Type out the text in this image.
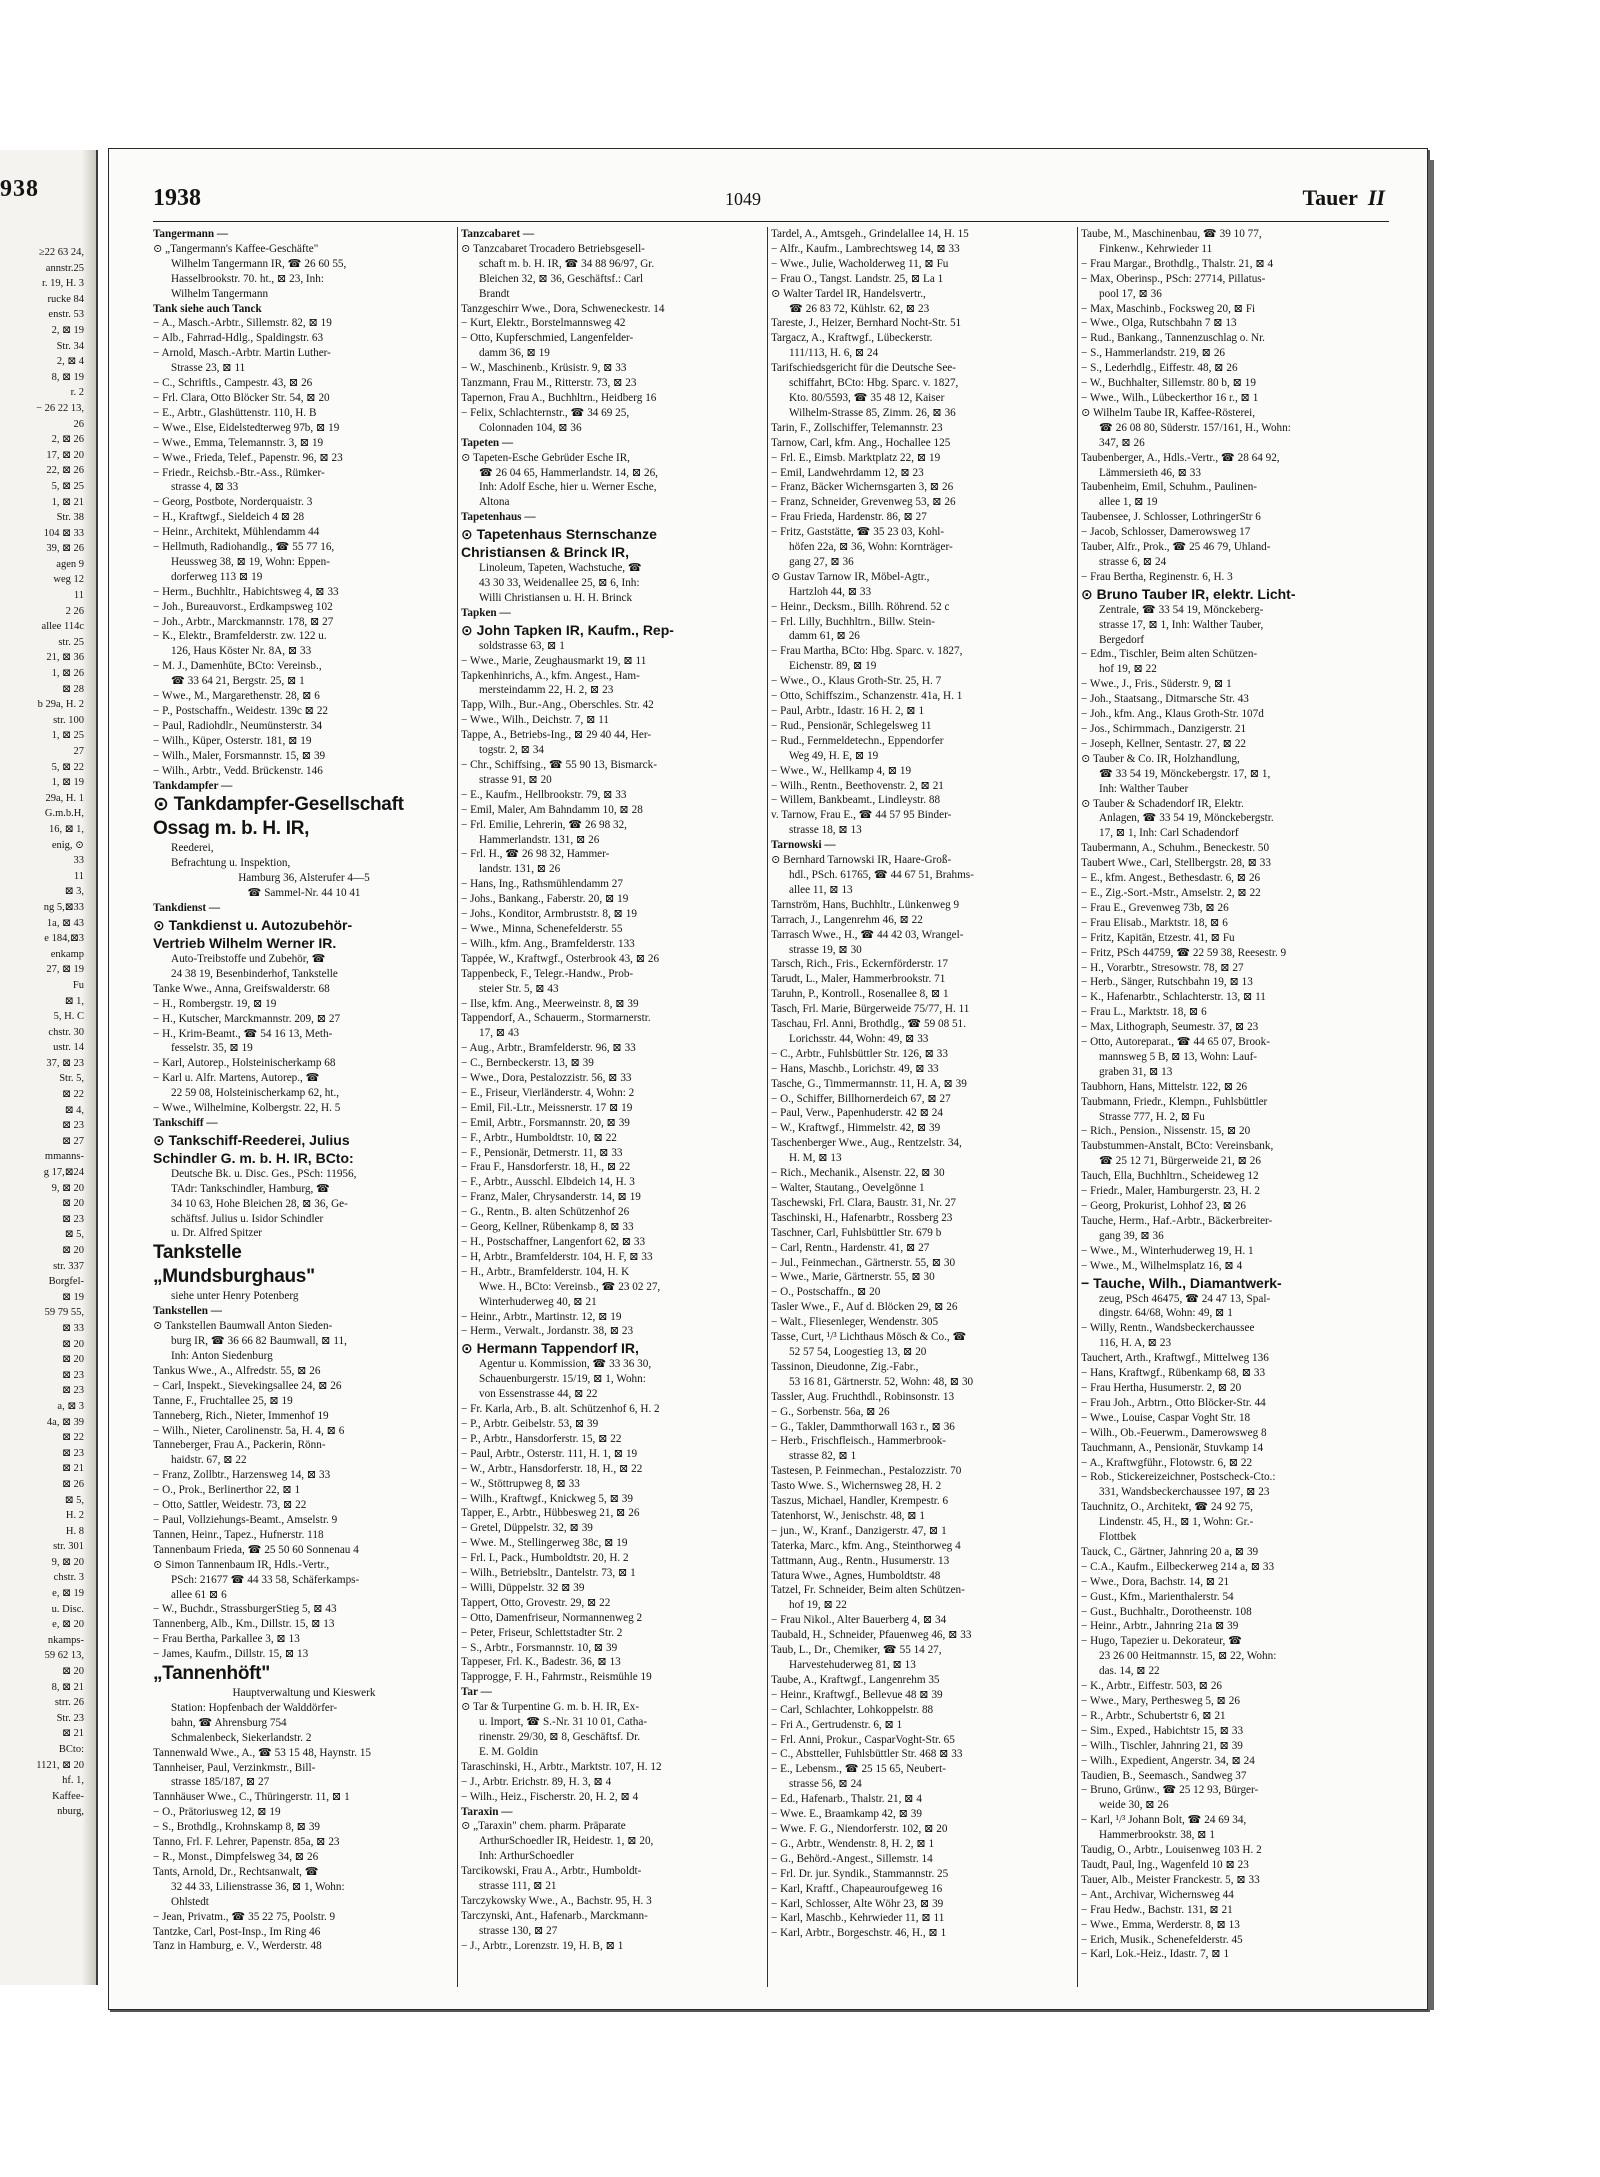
938
≥22 63 24,
annstr.25
r. 19, H. 3
rucke 84
enstr. 53
2, ⊠ 19
Str. 34
2, ⊠ 4
8, ⊠ 19
r. 2
− 26 22 13,
26
2, ⊠ 26
17, ⊠ 20
22, ⊠ 26
5, ⊠ 25
1, ⊠ 21
Str. 38
104 ⊠ 33
39, ⊠ 26
agen 9
weg 12
11
2 26
allee 114c
str. 25
21, ⊠ 36
1, ⊠ 26
⊠ 28
b 29a, H. 2
str. 100
1, ⊠ 25
27
5, ⊠ 22
1, ⊠ 19
29a, H. 1
G.m.b.H,
16, ⊠ 1,
enig, ⊙
33
11
⊠ 3,
ng 5,⊠33
1a, ⊠ 43
e 184,⊠3
enkamp
27, ⊠ 19
Fu
⊠ 1,
5, H. C
chstr. 30
ustr. 14
37, ⊠ 23
Str. 5,
⊠ 22
⊠ 4,
⊠ 23
⊠ 27
mmanns-
g 17,⊠24
9, ⊠ 20
⊠ 20
⊠ 23
⊠ 5,
⊠ 20
str. 337
Borgfel-
⊠ 19
59 79 55,
⊠ 33
⊠ 20
⊠ 20
⊠ 23
⊠ 23
a, ⊠ 3
4a, ⊠ 39
⊠ 22
⊠ 23
⊠ 21
⊠ 26
⊠ 5,
H. 2
H. 8
str. 301
9, ⊠ 20
chstr. 3
e, ⊠ 19
u. Disc.
e, ⊠ 20
nkamps-
59 62 13,
⊠ 20
8, ⊠ 21
strr. 26
Str. 23
⊠ 21
BCto:
1121, ⊠ 20
hf. 1,
Kaffee-
nburg,
1938	1049	Tauer II
Tangermann —
⊙ „Tangermann's Kaffee-Geschäfte"
Wilhelm Tangermann IR, ☎ 26 60 55,
Hasselbrookstr. 70. ht., ⊠ 23, Inh:
Wilhelm Tangermann
Tank siehe auch Tanck
− A., Masch.-Arbtr., Sillemstr. 82, ⊠ 19
− Alb., Fahrrad-Hdlg., Spaldingstr. 63
− Arnold, Masch.-Arbtr. Martin Luther-
Strasse 23, ⊠ 11
− C., Schriftls., Campestr. 43, ⊠ 26
− Frl. Clara, Otto Blöcker Str. 54, ⊠ 20
− E., Arbtr., Glashüttenstr. 110, H. B
− Wwe., Else, Eidelstedterweg 97b, ⊠ 19
− Wwe., Emma, Telemannstr. 3, ⊠ 19
− Wwe., Frieda, Telef., Papenstr. 96, ⊠ 23
− Friedr., Reichsb.-Btr.-Ass., Rümker-
strasse 4, ⊠ 33
− Georg, Postbote, Norderquaistr. 3
− H., Kraftwgf., Sieldeich 4 ⊠ 28
− Heinr., Architekt, Mühlendamm 44
− Hellmuth, Radiohandlg., ☎ 55 77 16,
Heussweg 38, ⊠ 19, Wohn: Eppen-
dorferweg 113 ⊠ 19
− Herm., Buchhltr., Habichtsweg 4, ⊠ 33
− Joh., Bureauvorst., Erdkampsweg 102
− Joh., Arbtr., Marckmannstr. 178, ⊠ 27
− K., Elektr., Bramfelderstr. zw. 122 u.
126, Haus Köster Nr. 8A, ⊠ 33
− M. J., Damenhüte, BCto: Vereinsb.,
☎ 33 64 21, Bergstr. 25, ⊠ 1
− Wwe., M., Margarethenstr. 28, ⊠ 6
− P., Postschaffn., Weidestr. 139c ⊠ 22
− Paul, Radiohdlr., Neumünsterstr. 34
− Wilh., Küper, Osterstr. 181, ⊠ 19
− Wilh., Maler, Forsmannstr. 15, ⊠ 39
− Wilh., Arbtr., Vedd. Brückenstr. 146
Tankdampfer —
⊙ Tankdampfer-Gesellschaft
Ossag m. b. H. IR,
Reederei,
Befrachtung u. Inspektion,
Hamburg 36, Alsterufer 4—5
☎ Sammel-Nr. 44 10 41
Tankdienst —
⊙ Tankdienst u. Autozubehör-
Vertrieb Wilhelm Werner IR.
Auto-Treibstoffe und Zubehör, ☎
24 38 19, Besenbinderhof, Tankstelle
Tanke Wwe., Anna, Greifswalderstr. 68
− H., Rombergstr. 19, ⊠ 19
− H., Kutscher, Marckmannstr. 209, ⊠ 27
− H., Krim-Beamt., ☎ 54 16 13, Meth-
fesselstr. 35, ⊠ 19
− Karl, Autorep., Holsteinischerkamp 68
− Karl u. Alfr. Martens, Autorep., ☎
22 59 08, Holsteinischerkamp 62, ht.,
− Wwe., Wilhelmine, Kolbergstr. 22, H. 5
Tankschiff —
⊙ Tankschiff-Reederei, Julius
Schindler G. m. b. H. IR, BCto:
Deutsche Bk. u. Disc. Ges., PSch: 11956,
TAdr: Tankschindler, Hamburg, ☎
34 10 63, Hohe Bleichen 28, ⊠ 36, Ge-
schäftsf. Julius u. Isidor Schindler
u. Dr. Alfred Spitzer
Tankstelle
„Mundsburghaus"
siehe unter Henry Potenberg
Tankstellen —
⊙ Tankstellen Baumwall Anton Sieden-
burg IR, ☎ 36 66 82 Baumwall, ⊠ 11,
Inh: Anton Siedenburg
Tankus Wwe., A., Alfredstr. 55, ⊠ 26
− Carl, Inspekt., Sievekingsallee 24, ⊠ 26
Tanne, F., Fruchtallee 25, ⊠ 19
Tanneberg, Rich., Nieter, Immenhof 19
− Wilh., Nieter, Carolinenstr. 5a, H. 4, ⊠ 6
Tanneberger, Frau A., Packerin, Rönn-
haidstr. 67, ⊠ 22
− Franz, Zollbtr., Harzensweg 14, ⊠ 33
− O., Prok., Berlinerthor 22, ⊠ 1
− Otto, Sattler, Weidestr. 73, ⊠ 22
− Paul, Vollziehungs-Beamt., Amselstr. 9
Tannen, Heinr., Tapez., Hufnerstr. 118
Tannenbaum Frieda, ☎ 25 50 60 Sonnenau 4
⊙ Simon Tannenbaum IR, Hdls.-Vertr.,
PSch: 21677 ☎ 44 33 58, Schäferkamps-
allee 61 ⊠ 6
− W., Buchdr., StrassburgerStieg 5, ⊠ 43
Tannenberg, Alb., Km., Dillstr. 15, ⊠ 13
− Frau Bertha, Parkallee 3, ⊠ 13
− James, Kaufm., Dillstr. 15, ⊠ 13
„Tannenhöft"
Hauptverwaltung und Kieswerk
Station: Hopfenbach der Walddörfer-
bahn, ☎ Ahrensburg 754
Schmalenbeck, Siekerlandstr. 2
Tannenwald Wwe., A., ☎ 53 15 48, Haynstr. 15
Tannheiser, Paul, Verzinkmstr., Bill-
strasse 185/187, ⊠ 27
Tannhäuser Wwe., C., Thüringerstr. 11, ⊠ 1
− O., Prätoriusweg 12, ⊠ 19
− S., Brothdlg., Krohnskamp 8, ⊠ 39
Tanno, Frl. F. Lehrer, Papenstr. 85a, ⊠ 23
− R., Monst., Dimpfelsweg 34, ⊠ 26
Tants, Arnold, Dr., Rechtsanwalt, ☎
32 44 33, Lilienstrasse 36, ⊠ 1, Wohn:
Ohlstedt
− Jean, Privatm., ☎ 35 22 75, Poolstr. 9
Tantzke, Carl, Post-Insp., Im Ring 46
Tanz in Hamburg, e. V., Werderstr. 48
Tanzcabaret —
⊙ Tanzcabaret Trocadero Betriebsgesell-
schaft m. b. H. IR, ☎ 34 88 96/97, Gr.
Bleichen 32, ⊠ 36, Geschäftsf.: Carl
Brandt
Tanzgeschirr Wwe., Dora, Schweneckestr. 14
− Kurt, Elektr., Borstelmannsweg 42
− Otto, Kupferschmied, Langenfelder-
damm 36, ⊠ 19
− W., Maschinenb., Krüsistr. 9, ⊠ 33
Tanzmann, Frau M., Ritterstr. 73, ⊠ 23
Tapernon, Frau A., Buchhltrn., Heidberg 16
− Felix, Schlachternstr., ☎ 34 69 25,
Colonnaden 104, ⊠ 36
Tapeten —
⊙ Tapeten-Esche Gebrüder Esche IR,
☎ 26 04 65, Hammerlandstr. 14, ⊠ 26,
Inh: Adolf Esche, hier u. Werner Esche,
Altona
Tapetenhaus —
⊙ Tapetenhaus Sternschanze
Christiansen & Brinck IR,
Linoleum, Tapeten, Wachstuche, ☎
43 30 33, Weidenallee 25, ⊠ 6, Inh:
Willi Christiansen u. H. H. Brinck
Tapken —
⊙ John Tapken IR, Kaufm., Rep-
soldstrasse 63, ⊠ 1
− Wwe., Marie, Zeughausmarkt 19, ⊠ 11
Tapkenhinrichs, A., kfm. Angest., Ham-
mersteindamm 22, H. 2, ⊠ 23
Tapp, Wilh., Bur.-Ang., Oberschles. Str. 42
− Wwe., Wilh., Deichstr. 7, ⊠ 11
Tappe, A., Betriebs-Ing., ⊠ 29 40 44, Her-
togstr. 2, ⊠ 34
− Chr., Schiffsing., ☎ 55 90 13, Bismarck-
strasse 91, ⊠ 20
− E., Kaufm., Hellbrookstr. 79, ⊠ 33
− Emil, Maler, Am Bahndamm 10, ⊠ 28
− Frl. Emilie, Lehrerin, ☎ 26 98 32,
Hammerlandstr. 131, ⊠ 26
− Frl. H., ☎ 26 98 32, Hammer-
landstr. 131, ⊠ 26
− Hans, Ing., Rathsmühlendamm 27
− Johs., Bankang., Faberstr. 20, ⊠ 19
− Johs., Konditor, Armbruststr. 8, ⊠ 19
− Wwe., Minna, Schenefelderstr. 55
− Wilh., kfm. Ang., Bramfelderstr. 133
Tappée, W., Kraftwgf., Osterbrook 43, ⊠ 26
Tappenbeck, F., Telegr.-Handw., Prob-
steier Str. 5, ⊠ 43
− Ilse, kfm. Ang., Meerweinstr. 8, ⊠ 39
Tappendorf, A., Schauerm., Stormarnerstr.
17, ⊠ 43
− Aug., Arbtr., Bramfelderstr. 96, ⊠ 33
− C., Bernbeckerstr. 13, ⊠ 39
− Wwe., Dora, Pestalozzistr. 56, ⊠ 33
− E., Friseur, Vierländerstr. 4, Wohn: 2
− Emil, Fil.-Ltr., Meissnerstr. 17 ⊠ 19
− Emil, Arbtr., Forsmannstr. 20, ⊠ 39
− F., Arbtr., Humboldtstr. 10, ⊠ 22
− F., Pensionär, Detmerstr. 11, ⊠ 33
− Frau F., Hansdorferstr. 18, H., ⊠ 22
− F., Arbtr., Ausschl. Elbdeich 14, H. 3
− Franz, Maler, Chrysanderstr. 14, ⊠ 19
− G., Rentn., B. alten Schützenhof 26
− Georg, Kellner, Rübenkamp 8, ⊠ 33
− H., Postschaffner, Langenfort 62, ⊠ 33
− H, Arbtr., Bramfelderstr. 104, H. F, ⊠ 33
− H., Arbtr., Bramfelderstr. 104, H. K
Wwe. H., BCto: Vereinsb., ☎ 23 02 27,
Winterhuderweg 40, ⊠ 21
− Heinr., Arbtr., Martinstr. 12, ⊠ 19
− Herm., Verwalt., Jordanstr. 38, ⊠ 23
⊙ Hermann Tappendorf IR,
Agentur u. Kommission, ☎ 33 36 30,
Schauenburgerstr. 15/19, ⊠ 1, Wohn:
von Essenstrasse 44, ⊠ 22
− Fr. Karla, Arb., B. alt. Schützenhof 6, H. 2
− P., Arbtr. Geibelstr. 53, ⊠ 39
− P., Arbtr., Hansdorferstr. 15, ⊠ 22
− Paul, Arbtr., Osterstr. 111, H. 1, ⊠ 19
− W., Arbtr., Hansdorferstr. 18, H., ⊠ 22
− W., Stöttrupweg 8, ⊠ 33
− Wilh., Kraftwgf., Knickweg 5, ⊠ 39
Tapper, E., Arbtr., Hübbesweg 21, ⊠ 26
− Gretel, Düppelstr. 32, ⊠ 39
− Wwe. M., Stellingerweg 38c, ⊠ 19
− Frl. I., Pack., Humboldtstr. 20, H. 2
− Wilh., Betriebsltr., Dantelstr. 73, ⊠ 1
− Willi, Düppelstr. 32 ⊠ 39
Tappert, Otto, Grovestr. 29, ⊠ 22
− Otto, Damenfriseur, Normannenweg 2
− Peter, Friseur, Schlettstadter Str. 2
− S., Arbtr., Forsmannstr. 10, ⊠ 39
Tappeser, Frl. K., Badestr. 36, ⊠ 13
Tapproggе, F. H., Fahrmstr., Reismühle 19
Tar —
⊙ Tar & Turpentine G. m. b. H. IR, Ex-
u. Import, ☎ S.-Nr. 31 10 01, Catha-
rinenstr. 29/30, ⊠ 8, Geschäftsf. Dr.
E. M. Goldin
Taraschinski, H., Arbtr., Marktstr. 107, H. 12
− J., Arbtr. Erichstr. 89, H. 3, ⊠ 4
− Wilh., Heiz., Fischerstr. 20, H. 2, ⊠ 4
Taraxin —
⊙ „Taraxin" chem. pharm. Präparate
ArthurSchoedler IR, Heidestr. 1, ⊠ 20,
Inh: ArthurSchoedler
Tarcikowski, Frau A., Arbtr., Humboldt-
strasse 111, ⊠ 21
Tarczykowsky Wwe., A., Bachstr. 95, H. 3
Tarczynski, Ant., Hafenarb., Marckmann-
strasse 130, ⊠ 27
− J., Arbtr., Lorenzstr. 19, H. B, ⊠ 1
Tardel, A., Amtsgeh., Grindelallee 14, H. 15
− Alfr., Kaufm., Lambrechtsweg 14, ⊠ 33
− Wwe., Julie, Wacholderweg 11, ⊠ Fu
− Frau O., Tangst. Landstr. 25, ⊠ La 1
⊙ Walter Tardel IR, Handelsvertr.,
☎ 26 83 72, Kühlstr. 62, ⊠ 23
Tareste, J., Heizer, Bernhard Nocht-Str. 51
Targacz, A., Kraftwgf., Lübeckerstr.
111/113, H. 6, ⊠ 24
Tarifschiedsgericht für die Deutsche See-
schiffahrt, BCto: Hbg. Sparc. v. 1827,
Kto. 80/5593, ☎ 35 48 12, Kaiser
Wilhelm-Strasse 85, Zimm. 26, ⊠ 36
Tarin, F., Zollschiffer, Telemannstr. 23
Tarnow, Carl, kfm. Ang., Hochallee 125
− Frl. E., Eimsb. Marktplatz 22, ⊠ 19
− Emil, Landwehrdamm 12, ⊠ 23
− Franz, Bäcker Wichernsgarten 3, ⊠ 26
− Franz, Schneider, Grevenweg 53, ⊠ 26
− Frau Frieda, Hardenstr. 86, ⊠ 27
− Fritz, Gaststätte, ☎ 35 23 03, Kohl-
höfen 22a, ⊠ 36, Wohn: Kornträger-
gang 27, ⊠ 36
⊙ Gustav Tarnow IR, Möbel-Agtr.,
Hartzloh 44, ⊠ 33
− Heinr., Decksm., Billh. Röhrend. 52 c
− Frl. Lilly, Buchhltrn., Billw. Stein-
damm 61, ⊠ 26
− Frau Martha, BCto: Hbg. Sparc. v. 1827,
Eichenstr. 89, ⊠ 19
− Wwe., O., Klaus Groth-Str. 25, H. 7
− Otto, Schiffszim., Schanzenstr. 41a, H. 1
− Paul, Arbtr., Idastr. 16 H. 2, ⊠ 1
− Rud., Pensionär, Schlegelsweg 11
− Rud., Fernmeldetechn., Eppendorfer
Weg 49, H. E, ⊠ 19
− Wwe., W., Hellkamp 4, ⊠ 19
− Wilh., Rentn., Beethovenstr. 2, ⊠ 21
− Willem, Bankbeamt., Lindleystr. 88
v. Tarnow, Frau E., ☎ 44 57 95 Binder-
strasse 18, ⊠ 13
Tarnowski —
⊙ Bernhard Tarnowski IR, Haare-Groß-
hdl., PSch. 61765, ☎ 44 67 51, Brahms-
allee 11, ⊠ 13
Tarnström, Hans, Buchhltr., Lünkenweg 9
Tarrach, J., Langenrehm 46, ⊠ 22
Tarrasch Wwe., H., ☎ 44 42 03, Wrangel-
strasse 19, ⊠ 30
Tarsch, Rich., Fris., Eckernförderstr. 17
Tarudt, L., Maler, Hammerbrookstr. 71
Taruhn, P., Kontroll., Rosenallee 8, ⊠ 1
Tasch, Frl. Marie, Bürgerweide 75/77, H. 11
Taschau, Frl. Anni, Brothdlg., ☎ 59 08 51.
Lorichsstr. 44, Wohn: 49, ⊠ 33
− C., Arbtr., Fuhlsbüttler Str. 126, ⊠ 33
− Hans, Maschb., Lorichstr. 49, ⊠ 33
Tasche, G., Timmermannstr. 11, H. A, ⊠ 39
− O., Schiffer, Billhornerdeich 67, ⊠ 27
− Paul, Verw., Papenhuderstr. 42 ⊠ 24
− W., Kraftwgf., Himmelstr. 42, ⊠ 39
Taschenberger Wwe., Aug., Rentzelstr. 34,
H. M, ⊠ 13
− Rich., Mechanik., Alsenstr. 22, ⊠ 30
− Walter, Stautang., Oevelgönne 1
Taschewski, Frl. Clara, Baustr. 31, Nr. 27
Taschinski, H., Hafenarbtr., Rossberg 23
Taschner, Carl, Fuhlsbüttler Str. 679 b
− Carl, Rentn., Hardenstr. 41, ⊠ 27
− Jul., Feinmechan., Gärtnerstr. 55, ⊠ 30
− Wwe., Marie, Gärtnerstr. 55, ⊠ 30
− O., Postschaffn., ⊠ 20
Tasler Wwe., F., Auf d. Blöcken 29, ⊠ 26
− Walt., Fliesenleger, Wendenstr. 305
Tasse, Curt, ¹/³ Lichthaus Mösch & Co., ☎
52 57 54, Loogestieg 13, ⊠ 20
Tassinon, Dieudonne, Zig.-Fabr.,
53 16 81, Gärtnerstr. 52, Wohn: 48, ⊠ 30
Tassler, Aug. Fruchthdl., Robinsonstr. 13
− G., Sorbenstr. 56a, ⊠ 26
− G., Takler, Dammthorwall 163 r., ⊠ 36
− Herb., Frischfleisch., Hammerbrook-
strasse 82, ⊠ 1
Tastesen, P. Feinmechan., Pestalozzistr. 70
Tasto Wwe. S., Wichernsweg 28, H. 2
Taszus, Michael, Handler, Krempestr. 6
Tatenhorst, W., Jenischstr. 48, ⊠ 1
− jun., W., Kranf., Danzigerstr. 47, ⊠ 1
Taterka, Marc., kfm. Ang., Steinthorweg 4
Tattmann, Aug., Rentn., Husumerstr. 13
Tatura Wwe., Agnes, Humboldtstr. 48
Tatzel, Fr. Schneider, Beim alten Schützen-
hof 19, ⊠ 22
− Frau Nikol., Alter Bauerberg 4, ⊠ 34
Taubald, H., Schneider, Pfauenweg 46, ⊠ 33
Taub, L., Dr., Chemiker, ☎ 55 14 27,
Harvestehuderweg 81, ⊠ 13
Taube, A., Kraftwgf., Langenrehm 35
− Heinr., Kraftwgf., Bellevue 48 ⊠ 39
− Carl, Schlachter, Lohkoppelstr. 88
− Fri A., Gertrudenstr. 6, ⊠ 1
− Frl. Anni, Prokur., CasparVoght-Str. 65
− C., Abstteller, Fuhlsbüttler Str. 468 ⊠ 33
− E., Lebensm., ☎ 25 15 65, Neubert-
strasse 56, ⊠ 24
− Ed., Hafenarb., Thalstr. 21, ⊠ 4
− Wwe. E., Braamkamp 42, ⊠ 39
− Wwe. F. G., Niendorferstr. 102, ⊠ 20
− G., Arbtr., Wendenstr. 8, H. 2, ⊠ 1
− G., Behörd.-Angest., Sillemstr. 14
− Frl. Dr. jur. Syndik., Stammannstr. 25
− Karl, Kraftf., Chapeauroufgeweg 16
− Karl, Schlosser, Alte Wöhr 23, ⊠ 39
− Karl, Maschb., Kehrwieder 11, ⊠ 11
− Karl, Arbtr., Borgeschstr. 46, H., ⊠ 1
Taube, M., Maschinenbau, ☎ 39 10 77,
Finkenw., Kehrwieder 11
− Frau Margar., Brothdlg., Thalstr. 21, ⊠ 4
− Max, Oberinsp., PSch: 27714, Pillatus-
pool 17, ⊠ 36
− Max, Maschinb., Focksweg 20, ⊠ Fi
− Wwe., Olga, Rutschbahn 7 ⊠ 13
− Rud., Bankang., Tannenzuschlag o. Nr.
− S., Hammerlandstr. 219, ⊠ 26
− S., Lederhdlg., Eiffestr. 48, ⊠ 26
− W., Buchhalter, Sillemstr. 80 b, ⊠ 19
− Wwe., Wilh., Lübeckerthor 16 r., ⊠ 1
⊙ Wilhelm Taube IR, Kaffee-Rösterei,
☎ 26 08 80, Süderstr. 157/161, H., Wohn:
347, ⊠ 26
Taubenberger, A., Hdls.-Vertr., ☎ 28 64 92,
Lämmersieth 46, ⊠ 33
Taubenheim, Emil, Schuhm., Paulinen-
allee 1, ⊠ 19
Taubensee, J. Schlosser, LothringerStr 6
− Jacob, Schlosser, Damerowsweg 17
Tauber, Alfr., Prok., ☎ 25 46 79, Uhland-
strasse 6, ⊠ 24
− Frau Bertha, Reginenstr. 6, H. 3
⊙ Bruno Tauber IR, elektr. Licht-
Zentrale, ☎ 33 54 19, Mönckeberg-
strasse 17, ⊠ 1, Inh: Walther Tauber,
Bergedorf
− Edm., Tischler, Beim alten Schützen-
hof 19, ⊠ 22
− Wwe., J., Fris., Süderstr. 9, ⊠ 1
− Joh., Staatsang., Ditmarsche Str. 43
− Joh., kfm. Ang., Klaus Groth-Str. 107d
− Jos., Schirmmach., Danzigerstr. 21
− Joseph, Kellner, Sentastr. 27, ⊠ 22
⊙ Tauber & Co. IR, Holzhandlung,
☎ 33 54 19, Mönckebergstr. 17, ⊠ 1,
Inh: Walther Tauber
⊙ Tauber & Schadendorf IR, Elektr.
Anlagen, ☎ 33 54 19, Mönckebergstr.
17, ⊠ 1, Inh: Carl Schadendorf
Taubermann, A., Schuhm., Beneckestr. 50
Taubert Wwe., Carl, Stellbergstr. 28, ⊠ 33
− E., kfm. Angest., Bethesdastr. 6, ⊠ 26
− E., Zig.-Sort.-Mstr., Amselstr. 2, ⊠ 22
− Frau E., Grevenweg 73b, ⊠ 26
− Frau Elisab., Marktstr. 18, ⊠ 6
− Fritz, Kapitän, Etzestr. 41, ⊠ Fu
− Fritz, PSch 44759, ☎ 22 59 38, Reesestr. 9
− H., Vorarbtr., Stresowstr. 78, ⊠ 27
− Herb., Sänger, Rutschbahn 19, ⊠ 13
− K., Hafenarbtr., Schlachterstr. 13, ⊠ 11
− Frau L., Marktstr. 18, ⊠ 6
− Max, Lithograph, Seumestr. 37, ⊠ 23
− Otto, Autoreparat., ☎ 44 65 07, Brook-
mannsweg 5 B, ⊠ 13, Wohn: Lauf-
graben 31, ⊠ 13
Taubhorn, Hans, Mittelstr. 122, ⊠ 26
Taubmann, Friedr., Klempn., Fuhlsbüttler
Strasse 777, H. 2, ⊠ Fu
− Rich., Pension., Nissenstr. 15, ⊠ 20
Taubstummen-Anstalt, BCto: Vereinsbank,
☎ 25 12 71, Bürgerweide 21, ⊠ 26
Tauch, Ella, Buchhltrn., Scheideweg 12
− Friedr., Maler, Hamburgerstr. 23, H. 2
− Georg, Prokurist, Lohhof 23, ⊠ 26
Tauche, Herm., Haf.-Arbtr., Bäckerbreiter-
gang 39, ⊠ 36
− Wwe., M., Winterhuderweg 19, H. 1
− Wwe., M., Wilhelmsplatz 16, ⊠ 4
− Tauche, Wilh., Diamantwerk-
zeug, PSch 46475, ☎ 24 47 13, Spal-
dingstr. 64/68, Wohn: 49, ⊠ 1
− Willy, Rentn., Wandsbeckerchaussee
116, H. A, ⊠ 23
Tauchert, Arth., Kraftwgf., Mittelweg 136
− Hans, Kraftwgf., Rübenkamp 68, ⊠ 33
− Frau Hertha, Husumerstr. 2, ⊠ 20
− Frau Joh., Arbtrn., Otto Blöcker-Str. 44
− Wwe., Louise, Caspar Voght Str. 18
− Wilh., Ob.-Feuerwm., Damerowsweg 8
Tauchmann, A., Pensionär, Stuvkamp 14
− A., Kraftwgführ., Flotowstr. 6, ⊠ 22
− Rob., Stickereizeichner, Postscheck-Cto.:
331, Wandsbeckerchaussee 197, ⊠ 23
Tauchnitz, O., Architekt, ☎ 24 92 75,
Lindenstr. 45, H., ⊠ 1, Wohn: Gr.-
Flottbek
Tauck, C., Gärtner, Jahnring 20 a, ⊠ 39
− C.A., Kaufm., Eilbeckerweg 214 a, ⊠ 33
− Wwe., Dora, Bachstr. 14, ⊠ 21
− Gust., Kfm., Marienthalerstr. 54
− Gust., Buchhaltr., Dorotheenstr. 108
− Heinr., Arbtr., Jahnring 21a ⊠ 39
− Hugo, Tapezier u. Dekorateur, ☎
23 26 00 Heitmannstr. 15, ⊠ 22, Wohn:
das. 14, ⊠ 22
− K., Arbtr., Eiffestr. 503, ⊠ 26
− Wwe., Mary, Perthesweg 5, ⊠ 26
− R., Arbtr., Schubertstr 6, ⊠ 21
− Sim., Exped., Habichtstr 15, ⊠ 33
− Wilh., Tischler, Jahnring 21, ⊠ 39
− Wilh., Expedient, Angerstr. 34, ⊠ 24
Taudien, B., Seemasch., Sandweg 37
− Bruno, Grünw., ☎ 25 12 93, Bürger-
weide 30, ⊠ 26
− Karl, ¹/³ Johann Bolt, ☎ 24 69 34,
Hammerbrookstr. 38, ⊠ 1
Taudig, O., Arbtr., Louisenweg 103 H. 2
Taudt, Paul, Ing., Wagenfeld 10 ⊠ 23
Tauer, Alb., Meister Franckestr. 5, ⊠ 33
− Ant., Archivar, Wichernsweg 44
− Frau Hedw., Bachstr. 131, ⊠ 21
− Wwe., Emma, Werderstr. 8, ⊠ 13
− Erich, Musik., Schenefelderstr. 45
− Karl, Lok.-Heiz., Idastr. 7, ⊠ 1
